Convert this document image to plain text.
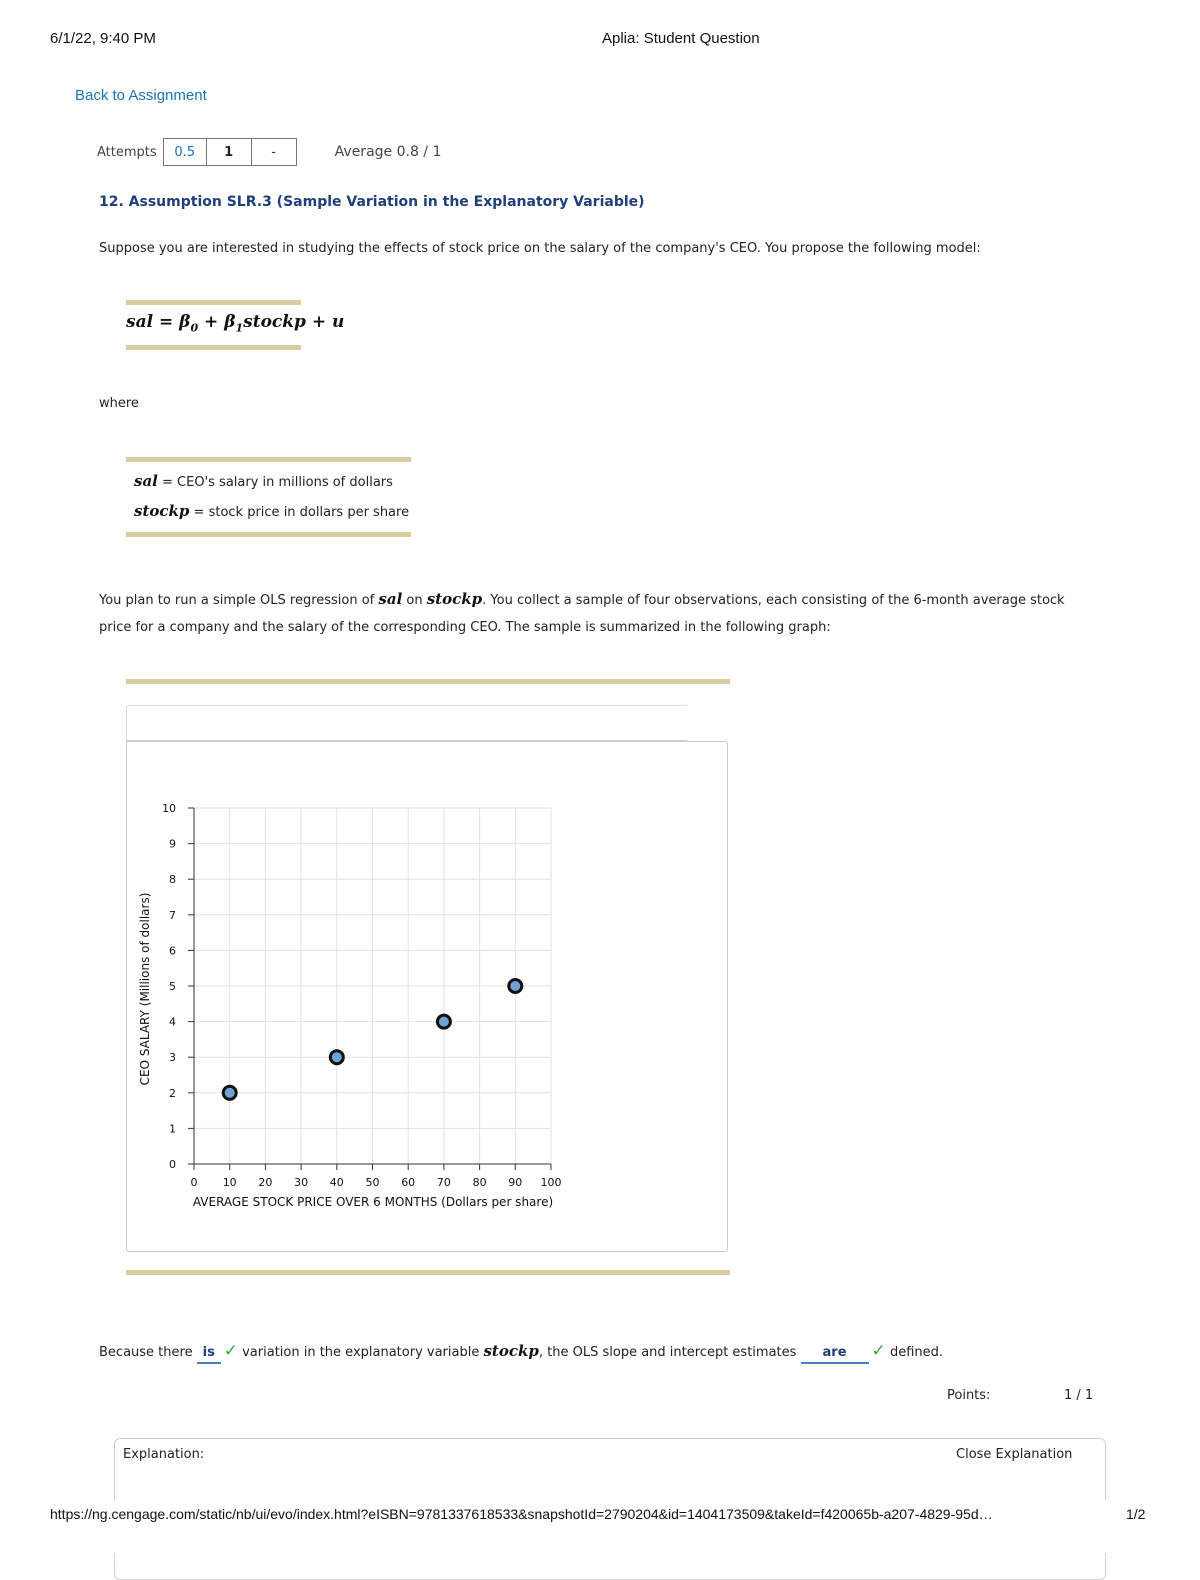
6/1/22, 9:40 PM	Aplia: Student Question
Back to Assignment
Attempts	0.5	1	-	Average 0.8 / 1
12. Assumption SLR.3 (Sample Variation in the Explanatory Variable)
Suppose you are interested in studying the effects of stock price on the salary of the company's CEO. You propose the following model:
sal = $\beta_0$ + $\beta_1stockp + u$
where
sal = CEO's salary in millions of dollars
stockp = stock price in dollars per share
You plan to run a simple OLS regression of sal on stockp. You collect a sample of four observations, each consisting of the 6-month average stock
price for a company and the salary of the corresponding CEO. The sample is summarized in the following graph:
0 10 20 30 40 50 60 70 80 90 100
0
1
2
3
4
5
6
7
8
9
10
AVERAGE STOCK PRICE OVER 6 MONTHS (Dollars per share)
CEO SALARY (Millions of dollars)
Because there is ✓ variation in the explanatory variable stockp, the OLS slope and intercept estimates are ✓ defined.
Points:	1 / 1
Explanation:	Close Explanation
https://ng.cengage.com/static/nb/ui/evo/index.html?eISBN=9781337618533&snapshotId=2790204&id=1404173509&takeId=f420065b-a207-4829-95d…	1/2
